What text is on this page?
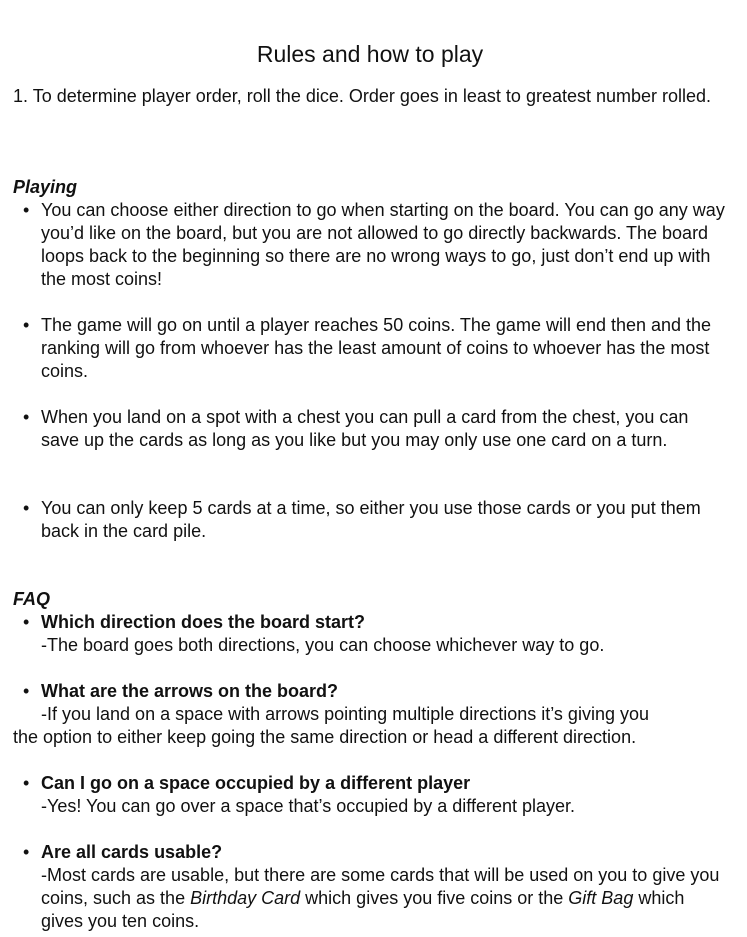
Rules and how to play

1. To determine player order, roll the dice. Order goes in least to greatest number rolled.

Playing
• You can choose either direction to go when starting on the board. You can go any way you’d like on the board, but you are not allowed to go directly backwards. The board loops back to the beginning so there are no wrong ways to go, just don’t end up with the most coins!
• The game will go on until a player reaches 50 coins. The game will end then and the ranking will go from whoever has the least amount of coins to whoever has the most coins.
• When you land on a spot with a chest you can pull a card from the chest, you can save up the cards as long as you like but you may only use one card on a turn.
• You can only keep 5 cards at a time, so either you use those cards or you put them back in the card pile.
FAQ
• Which direction does the board start?
-The board goes both directions, you can choose whichever way to go.
• What are the arrows on the board?
-If you land on a space with arrows pointing multiple directions it’s giving you
the option to either keep going the same direction or head a different direction.
• Can I go on a space occupied by a different player
-Yes! You can go over a space that’s occupied by a different player.
• Are all cards usable?
-Most cards are usable, but there are some cards that will be used on you to give you coins, such as the Birthday Card which gives you five coins or the Gift Bag which gives you ten coins.
